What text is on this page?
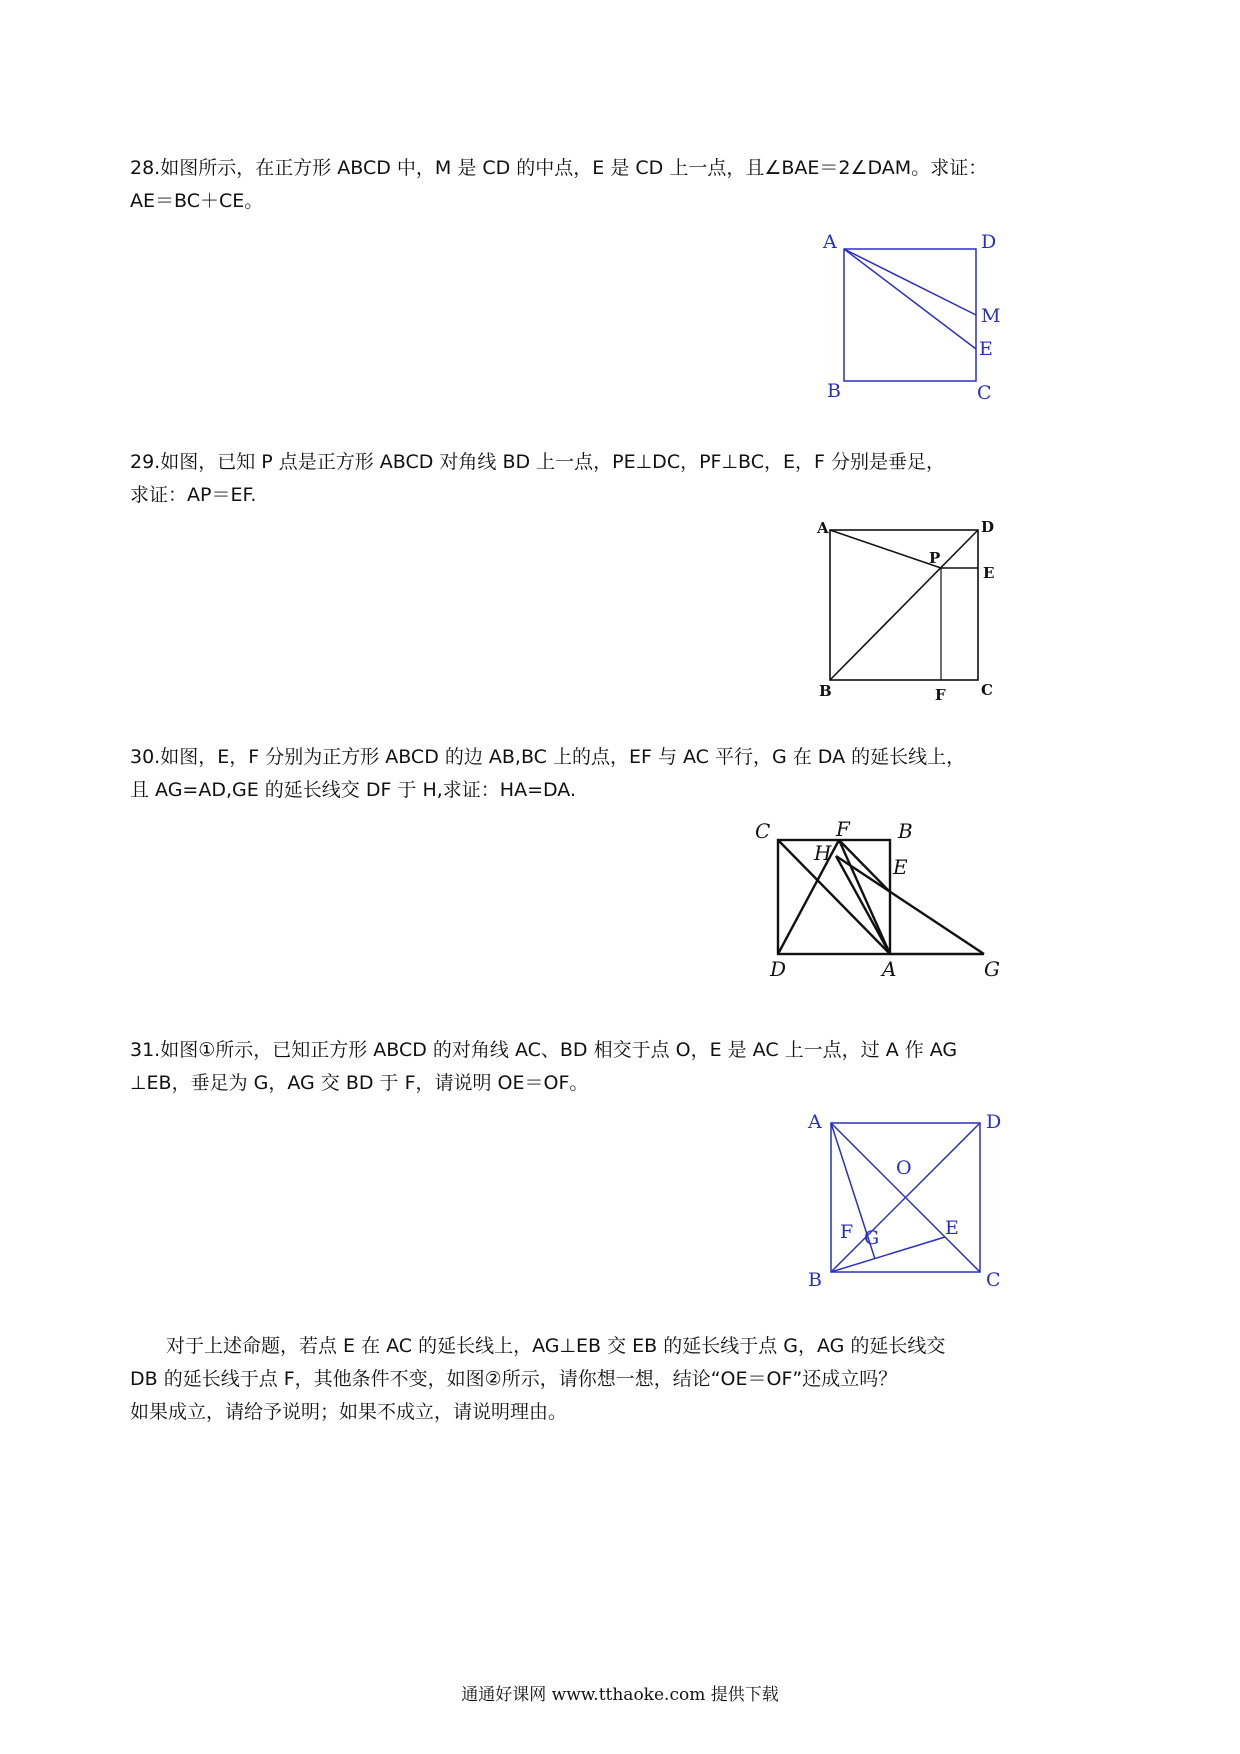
28.如图所示，在正方形 ABCD 中，M 是 CD 的中点，E 是 CD 上一点，且∠BAE＝2∠DAM。求证：
AE＝BC＋CE。
A	D
M
E
B	C
29.如图，已知 P 点是正方形 ABCD 对角线 BD 上一点，PE⊥DC，PF⊥BC，E，F 分别是垂足，
求证：AP＝EF.
A	D
P
E
B	F C
30.如图，E，F 分别为正方形 ABCD 的边 AB,BC 上的点，EF 与 AC 平行，G 在 DA 的延长线上，
且 AG=AD,GE 的延长线交 DF 于 H,求证：HA=DA.
C	F B
H
E
D	A	G
31.如图①所示，已知正方形 ABCD 的对角线 AC、BD 相交于点 O，E 是 AC 上一点，过 A 作 AG
⊥EB，垂足为 G，AG 交 BD 于 F，请说明 OE＝OF。
A	D
O
F G	E
B	C
对于上述命题，若点 E 在 AC 的延长线上，AG⊥EB 交 EB 的延长线于点 G，AG 的延长线交
DB 的延长线于点 F，其他条件不变，如图②所示，请你想一想，结论“OE＝OF”还成立吗？
如果成立，请给予说明；如果不成立，请说明理由。
通通好课网 www.tthaoke.com 提供下载
